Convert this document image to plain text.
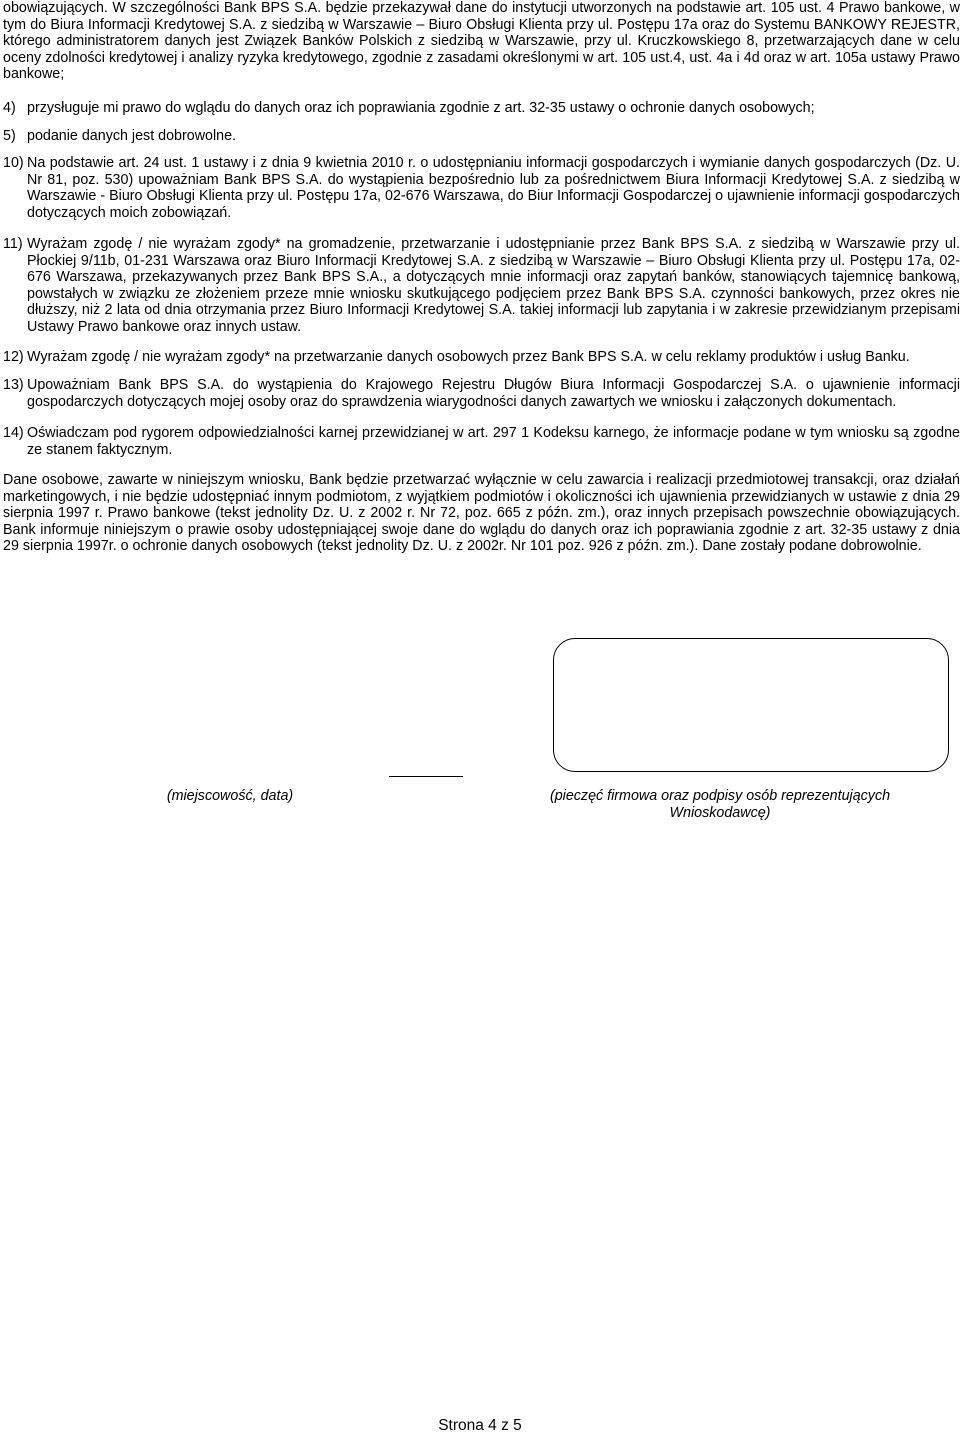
obowiązujących. W szczególności Bank BPS S.A. będzie przekazywał dane do instytucji utworzonych na podstawie art. 105 ust. 4 Prawo bankowe, w tym do Biura Informacji Kredytowej S.A. z siedzibą w Warszawie – Biuro Obsługi Klienta przy ul. Postępu 17a oraz do Systemu BANKOWY REJESTR, którego administratorem danych jest Związek Banków Polskich z siedzibą w Warszawie, przy ul. Kruczkowskiego 8, przetwarzających dane w celu oceny zdolności kredytowej i analizy ryzyka kredytowego, zgodnie z zasadami określonymi w art. 105 ust.4, ust. 4a i 4d oraz w art. 105a ustawy Prawo bankowe;

4) przysługuje mi prawo do wglądu do danych oraz ich poprawiania zgodnie z art. 32-35 ustawy o ochronie danych osobowych;
5) podanie danych jest dobrowolne.
10) Na podstawie art. 24 ust. 1 ustawy i z dnia 9 kwietnia 2010 r. o udostępnianiu informacji gospodarczych i wymianie danych gospodarczych (Dz. U. Nr 81, poz. 530) upoważniam Bank BPS S.A. do wystąpienia bezpośrednio lub za pośrednictwem Biura Informacji Kredytowej S.A. z siedzibą w Warszawie - Biuro Obsługi Klienta przy ul. Postępu 17a, 02-676 Warszawa, do Biur Informacji Gospodarczej o ujawnienie informacji gospodarczych dotyczących moich zobowiązań.
11) Wyrażam zgodę / nie wyrażam zgody* na gromadzenie, przetwarzanie i udostępnianie przez Bank BPS S.A. z siedzibą w Warszawie przy ul. Płockiej 9/11b, 01-231 Warszawa oraz Biuro Informacji Kredytowej S.A. z siedzibą w Warszawie – Biuro Obsługi Klienta przy ul. Postępu 17a, 02-676 Warszawa, przekazywanych przez Bank BPS S.A., a dotyczących mnie informacji oraz zapytań banków, stanowiących tajemnicę bankową, powstałych w związku ze złożeniem przeze mnie wniosku skutkującego podjęciem przez Bank BPS S.A. czynności bankowych, przez okres nie dłuższy, niż 2 lata od dnia otrzymania przez Biuro Informacji Kredytowej S.A. takiej informacji lub zapytania i w zakresie przewidzianym przepisami Ustawy Prawo bankowe oraz innych ustaw.
12) Wyrażam zgodę / nie wyrażam zgody* na przetwarzanie danych osobowych przez Bank BPS S.A. w celu reklamy produktów i usług Banku.
13) Upoważniam Bank BPS S.A. do wystąpienia do Krajowego Rejestru Długów Biura Informacji Gospodarczej S.A. o ujawnienie informacji gospodarczych dotyczących mojej osoby oraz do sprawdzenia wiarygodności danych zawartych we wniosku i załączonych dokumentach.
14) Oświadczam pod rygorem odpowiedzialności karnej przewidzianej w art. 297 1 Kodeksu karnego, że informacje podane w tym wniosku są zgodne ze stanem faktycznym.

Dane osobowe, zawarte w niniejszym wniosku, Bank będzie przetwarzać wyłącznie w celu zawarcia i realizacji przedmiotowej transakcji, oraz działań marketingowych, i nie będzie udostępniać innym podmiotom, z wyjątkiem podmiotów i okoliczności ich ujawnienia przewidzianych w ustawie z dnia 29 sierpnia 1997 r. Prawo bankowe (tekst jednolity Dz. U. z 2002 r. Nr 72, poz. 665 z późn. zm.), oraz innych przepisach powszechnie obowiązujących. Bank informuje niniejszym o prawie osoby udostępniającej swoje dane do wglądu do danych oraz ich poprawiania zgodnie z art. 32-35 ustawy z dnia 29 sierpnia 1997r. o ochronie danych osobowych (tekst jednolity Dz. U. z 2002r. Nr 101 poz. 926 z późn. zm.). Dane zostały podane dobrowolnie.

(miejscowość, data)	(pieczęć firmowa oraz podpisy osób reprezentujących
Wnioskodawcę)
Strona 4 z 5
